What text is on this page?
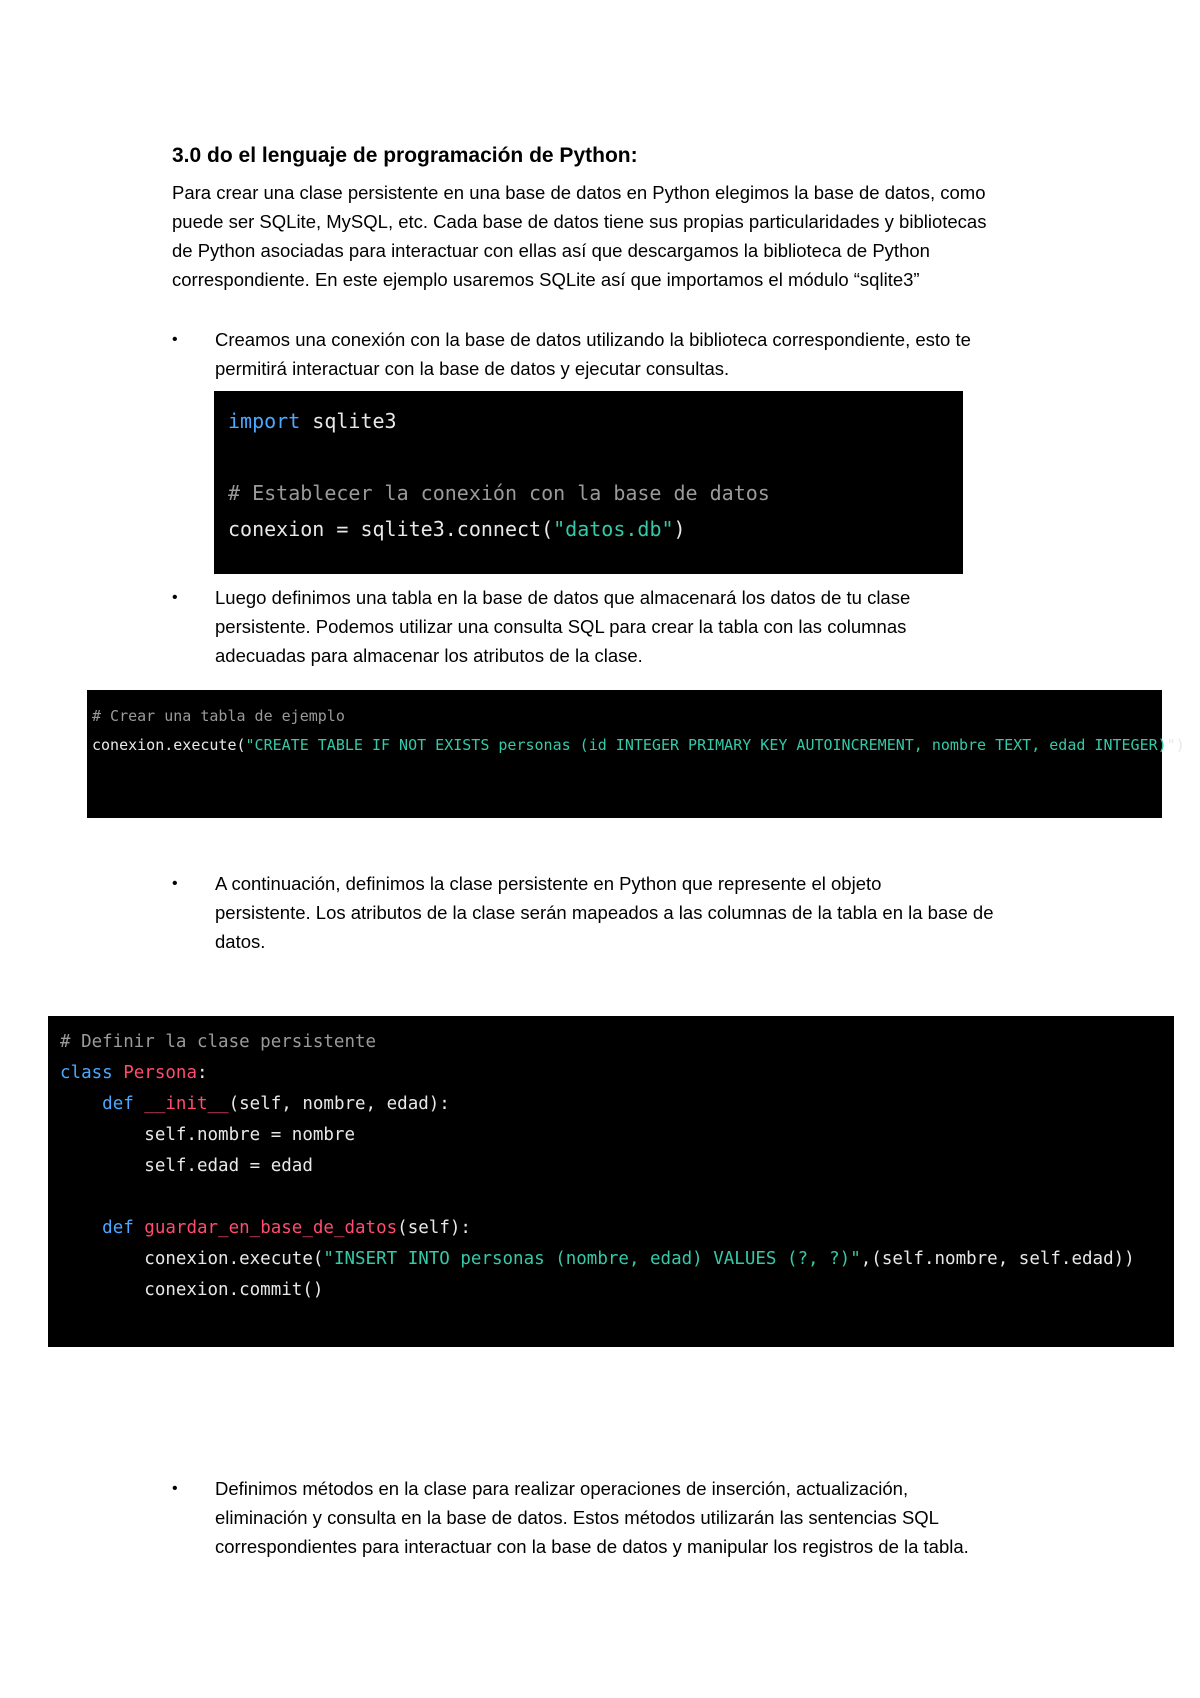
3.0 do el lenguaje de programación de Python:
Para crear una clase persistente en una base de datos en Python elegimos la base de datos, como
puede ser SQLite, MySQL, etc. Cada base de datos tiene sus propias particularidades y bibliotecas
de Python asociadas para interactuar con ellas así que descargamos la biblioteca de Python
correspondiente. En este ejemplo usaremos SQLite así que importamos el módulo “sqlite3”
•	Creamos una conexión con la base de datos utilizando la biblioteca correspondiente, esto te
permitirá interactuar con la base de datos y ejecutar consultas.
import sqlite3

# Establecer la conexión con la base de datos
conexion = sqlite3.connect("datos.db")
•	Luego definimos una tabla en la base de datos que almacenará los datos de tu clase
persistente. Podemos utilizar una consulta SQL para crear la tabla con las columnas
adecuadas para almacenar los atributos de la clase.
# Crear una tabla de ejemplo
conexion.execute("CREATE TABLE IF NOT EXISTS personas (id INTEGER PRIMARY KEY AUTOINCREMENT, nombre TEXT, edad INTEGER)")
•	A continuación, definimos la clase persistente en Python que represente el objeto
persistente. Los atributos de la clase serán mapeados a las columnas de la tabla en la base de
datos.
# Definir la clase persistente
class Persona:
def __init__(self, nombre, edad):
self.nombre = nombre
self.edad = edad

def guardar_en_base_de_datos(self):
conexion.execute("INSERT INTO personas (nombre, edad) VALUES (?, ?)",(self.nombre, self.edad))
conexion.commit()
•	Definimos métodos en la clase para realizar operaciones de inserción, actualización,
eliminación y consulta en la base de datos. Estos métodos utilizarán las sentencias SQL
correspondientes para interactuar con la base de datos y manipular los registros de la tabla.
